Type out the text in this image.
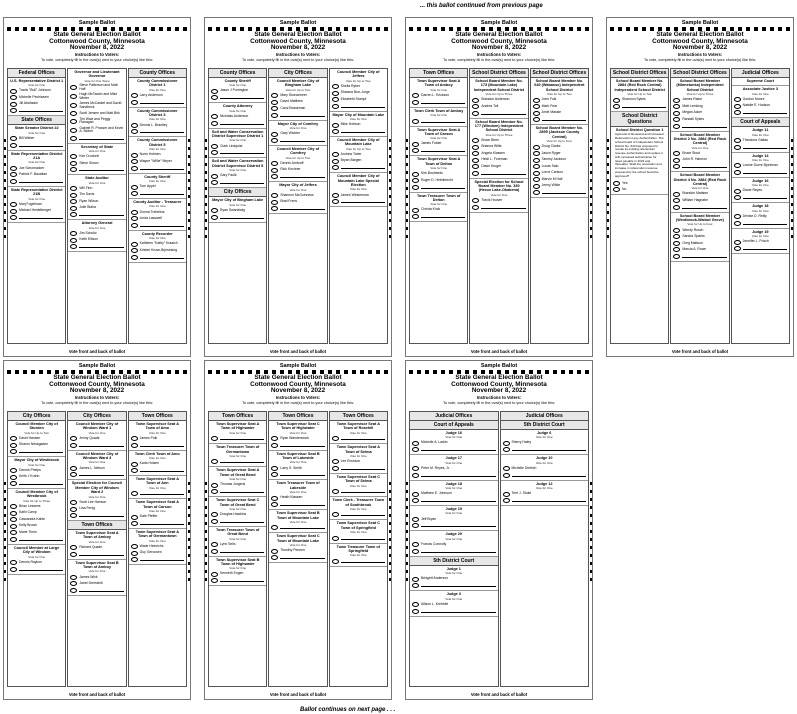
... this ballot continued from previous page
Ballot continues on next page . . .
Sample Ballot
State General Election Ballot
Cottonwood County, Minnesota
November 8, 2022
Instructions to Voters:
To vote, completely fill in the oval(s) next to your choice(s) like this:
Federal Offices
U.S. Representative District 1
Vote for One
Travis "Bull" Johnson
Michelle Pechiwsen
Jill Abahsain
State Offices
State Senator District 22
Vote for One
Bill Weber
State Representative District 21A
Vote for One
Joe Schomacker
Patrick F. Baustian
State Representative District 21B
Vote for One
Marj Fogelman
Michael Heidelberger
Governor and Lieutenant Governor
Vote for One Team
Steve Patterson and Matt Huff
Hugh McTavish and Mike Winter
James McCaskel and David Sandbeck
Scott Jensen and Matt Birk
Tim Walz and Peggy Flanagan
Gabriel R. Prosser and Kevin A. Blohm
Secretary of State
Vote for One
Kim Crockett
Steve Simon
State Auditor
Vote for One
Will Finn
Tim Davis
Ryan Wilson
Julie Blaha
Attorney General
Vote for One
Jim Schultz
Keith Ellison
County Offices
County Commissioner District 1
Vote for One
Larry Anderson
County Commissioner District 3
Vote for One
Dennis L. Brantley
County Commissioner District 5
Vote for One
Norm Holmen
Wayne "Willie" Meyer
County Sheriff
Vote for One
Tom Appel
County Auditor - Treasurer
Vote for One
Donna Trebeltus
Linda Lasswell
County Recorder
Vote for One
Kathleen "Kathy" Kraatch
Kristen Kruse-Brjnsesing
Vote front and back of ballot
Sample Ballot
State General Election Ballot
Cottonwood County, Minnesota
November 8, 2022
Instructions to Voters:
To vote, completely fill in the oval(s) next to your choice(s) like this:
County Offices
County Sheriff
Vote for One
Jason J Purrington
County Attorney
Vote for One
Nicholas Anderson
Soil and Water Conservation District Supervisor District 1
Vote for One
Clark Lindquist
Soil and Water Conservation District Supervisor District 5
Vote for One
Gary Faulk
City Offices
Mayor City of Bingham Lake
Vote for One
Ryan Swartzlwig
City Offices
Council Member City of Bingham Lake
Vote for Up to Two
Mary Stoeckmeer
David Matthew
Carol Bosseman
Mayor City of Comfrey
Vote for One
Gary Wichter
Council Member City of Comfrey
Vote for Up to Two
Dennis Ambroff
Rick Kirchner
Mayor City of Jeffers
Vote for One
Shannon McGuinness
Brad Frens
Council Member City of Jeffers
Vote for Up to Two
Sheila Ryber
Shawna Burr-Jorge
Elizabeth Stumpf
Mayor City of Mountain Lake
Vote for One
Mike Hobson
Council Member City of Mountain Lake
Vote for Up to Two
Andrew Tober
Bryan Bargen
Council Member City of Mountain Lake Special Election
Vote for One
James Westerman
Vote front and back of ballot
Sample Ballot
State General Election Ballot
Cottonwood County, Minnesota
November 8, 2022
Instructions to Voters:
To vote, completely fill in the oval(s) next to your choice(s) like this:
Town Offices
Town Supervisor Seat A Town of Amboy
Vote for One
Darren L. Erickson
Town Clerk Town of Amboy
Vote for One
Town Supervisor Seat A Town of Carson
Vote for One
James Foster
Town Supervisor Seat A Town of Delton
Vote for One
Kirk Bootnieds
Roger D. Helmbrecht
Town Treasurer Town of Delton
Vote for One
Christa Kirck
School District Offices
School Board Member No. 173 (Mountain Lake) Independent School District
Vote for Up to Three
Brandon Anderson
Andrea Toll
School Board Member No. 177 (Windom) Independent School District
Vote for Up to Three
Bruce Biren
Brianna Witte
Angela Klassen
Heidi L. Foreman
Dawn Kruger
Special Election for School Board Member No. 330 (Heron Lake-Okabena)
Vote for One
Travis Hoover
School District Offices
School Board Member No. 640 (Wabasso) Independent School District
Vote for Up to Two
John Fulk
Mark Fear
Amie Massie
School Board Member No. 2895 (Jackson County Central)
Vote for Up to Four
Doug Clarke
Jason Ryger
Tammy Jackson
Lucas Salo
Lorne Carlson
Marvin M Hall
Jenny Wilde
Vote front and back of ballot
Sample Ballot
State General Election Ballot
Cottonwood County, Minnesota
November 8, 2022
Instructions to Voters:
To vote, completely fill in the oval(s) next to your choice(s) like this:
School District Offices
School Board Member No. 2884 (Red Rock Central) Independent School District
Vote for Up to Two
Shannon Sykes
School District Questions
School District Question 1
Approval of Renewed and Increased Referendum Levy Authorization. The school board of Independent School District No. 640 has proposed to revoke its existing referendum revenue authorization and replace it with increased authorization for taxes payable in 2023 and thereafter. Shall the revocation and increase in referendum revenue proposed by the school board be approved?
Yes
No
School District Offices
School Board Member (Minnetonka) Independent School District
Vote for Up to Three
James Raine
Matt Lemking
Megan Acker
Randall Sykes
School Board Member District 2 No. 2884 (Red Rock Central)
Vote for One
Bruce Stout
John R. Harmon
School Board Member District 4 No. 2884 (Red Rock Central)
Vote for One
Brandon Mattsen
William Hagnabe
School Board Member (Westbrook-Walnut Grove)
Vote for Up to Four
Wendy Rusch
Sandra Sparks
Greg Mattson
Marcia A. Rowe
Judicial Offices
Supreme Court
Associate Justice 3
Vote for One
Gordon Moore
Natalie E. Hudson
Court of Appeals
Judge 11
Vote for One
Theodora Gaitas
Judge 14
Vote for One
Louise Dovre Bjorkman
Judge 16
Vote for One
Diane Reyes
Judge 18
Vote for One
Denise D. Reilly
Judge 19
Vote for One
Jennifer L. Frisch
Vote front and back of ballot
Sample Ballot
State General Election Ballot
Cottonwood County, Minnesota
November 8, 2022
Instructions to Voters:
To vote, completely fill in the oval(s) next to your choice(s) like this:
City Offices
Council Member City of Storden
Vote for Up to Two
David Hansen
Sharon Nessgaden
Mayor City of Westbrook
Vote for One
Dennis Phelps
Keith J Krahn
Council Member City of Westbrook
Vote for Up to Three
Brian Lessens
Kathi Camp
Cassandra Kahle
Kelly Brown
Marie Timm
Council Member at Large City of Windom
Vote for One
Dennis Raykos
City Offices
Council Member City of Windom Ward 1
Vote for One
Jenny Quade
Council Member City of Windom Ward 3
Vote for One
James L. Nelson
Special Election for Council Member City of Windom Ward 2
Vote for One
Scott Lee Hanson
Lisa Fenig
Town Offices
Town Supervisor Seat A Town of Amboy
Vote for One
Richard Quade
Town Supervisor Seat B Town of Amboy
Vote for One
James Wick
Janet Drerstedt
Town Offices
Town Supervisor Seat A Town of Amo
Vote for One
James Pulk
Town Clerk Town of Amo
Vote for One
Karla Holsen
Town Supervisor Seat A Town of Ann
Vote for One
Town Supervisor Seat A Town of Carson
Vote for One
Dale Pfeffer
Town Supervisor Seat A Town of Germantown
Vote for One
Wade Heinrichs
Guy Geroosen
Vote front and back of ballot
Sample Ballot
State General Election Ballot
Cottonwood County, Minnesota
November 8, 2022
Instructions to Voters:
To vote, completely fill in the oval(s) next to your choice(s) like this:
Town Offices
Town Supervisor Seat A Town of Highwater
Vote for One
Town Treasurer Town of Germantown
Vote for One
Town Supervisor Seat A Town of Great Bend
Vote for One
Thomas Jorgens
Town Supervisor Seat C Town of Great Bend
Vote for One
Douglas Hawkins
Town Treasurer Town of Great Bend
Vote for One
Lynn Sells
Town Supervisor Seat B Town of Highwater
Vote for One
Kenneth Engen
Town Offices
Town Supervisor Seat C Town of Highwater
Vote for One
Ryan Wanderstock
Town Supervisor Seat B Town of Lakeside
Vote for One
Larry S. Smith
Town Treasurer Town of Lakeside
Vote for One
Heath Klassen
Town Supervisor Seat B Town of Mountain Lake
Vote for One
Town Supervisor Seat C Town of Mountain Lake
Vote for One
Timothy Pennen
Town Offices
Town Supervisor Seat A Town of Rosehill
Vote for One
Town Supervisor Seat A Town of Selma
Vote for One
Lee Erickson
Town Supervisor Seat C Town of Selma
Vote for One
Town Clerk - Treasurer Town of Southbrook
Vote for One
Town Supervisor Seat C Town of Springfield
Vote for One
Town Treasurer Town of Springfield
Vote for One
Vote front and back of ballot
Sample Ballot
State General Election Ballot
Cottonwood County, Minnesota
November 8, 2022
Instructions to Voters:
To vote, completely fill in the oval(s) next to your choice(s) like this:
Judicial Offices
Court of Appeals
Judge 16
Vote for One
Michelle A. Larkin
Judge 17
Vote for One
Peter M. Reyes, Jr.
Judge 18
Vote for One
Matthew E. Johnson
Judge 19
Vote for One
Jeff Bryan
Judge 20
Vote for One
Francis Connolly
5th District Court
Judge 1
Vote for One
Bridgett Anderson
Judge 3
Vote for One
Allison L. Krehbiel
Judicial Offices
5th District Court
Judge 6
Vote for One
Sherry Haley
Judge 10
Vote for One
Michelle Dietrich
Judge 12
Vote for One
Terri J. Stoke
Vote front and back of ballot
